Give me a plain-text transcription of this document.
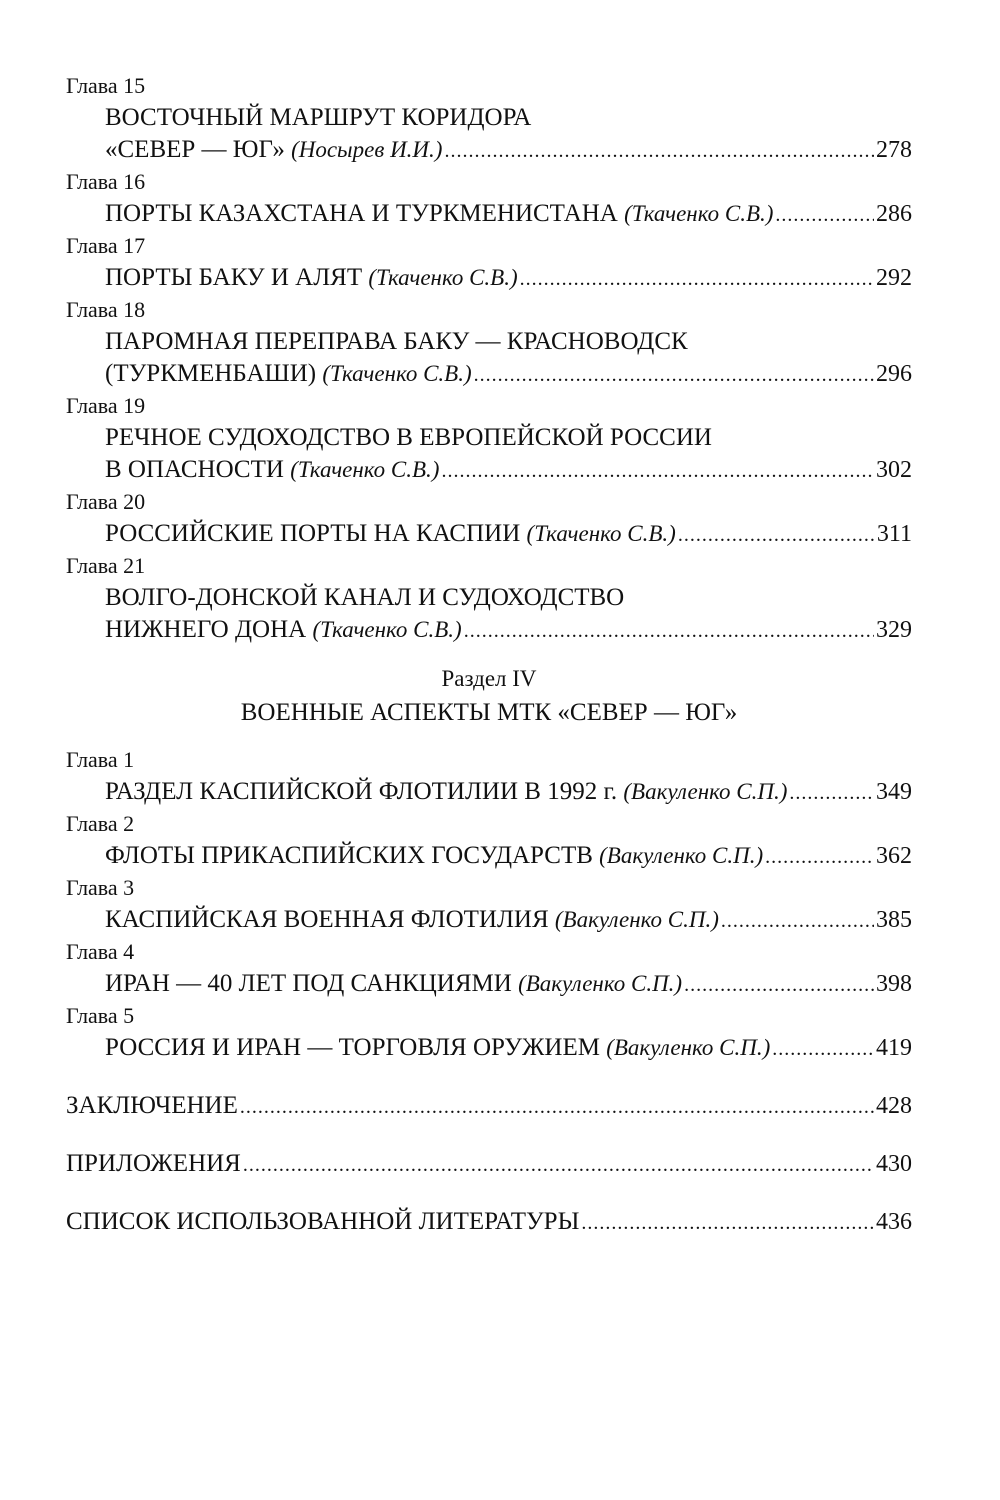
Глава 15
ВОСТОЧНЫЙ МАРШРУТ КОРИДОРА
«СЕВЕР — ЮГ» (Носырев И.И.) .....	278
Глава 16
ПОРТЫ КАЗАХСТАНА И ТУРКМЕНИСТАНА (Ткаченко С.В.) .....	286
Глава 17
ПОРТЫ БАКУ И АЛЯТ (Ткаченко С.В.) .....	292
Глава 18
ПАРОМНАЯ ПЕРЕПРАВА БАКУ — КРАСНОВОДСК
(ТУРКМЕНБАШИ) (Ткаченко С.В.) .....	296
Глава 19
РЕЧНОЕ СУДОХОДСТВО В ЕВРОПЕЙСКОЙ РОССИИ
В ОПАСНОСТИ (Ткаченко С.В.) .....	302
Глава 20
РОССИЙСКИЕ ПОРТЫ НА КАСПИИ (Ткаченко С.В.) .....	311
Глава 21
ВОЛГО-ДОНСКОЙ КАНАЛ И СУДОХОДСТВО
НИЖНЕГО ДОНА (Ткаченко С.В.) .....	329
Раздел IV
ВОЕННЫЕ АСПЕКТЫ МТК «СЕВЕР — ЮГ»
Глава 1
РАЗДЕЛ КАСПИЙСКОЙ ФЛОТИЛИИ В 1992 г. (Вакуленко С.П.) .....	349
Глава 2
ФЛОТЫ ПРИКАСПИЙСКИХ ГОСУДАРСТВ (Вакуленко С.П.) .....	362
Глава 3
КАСПИЙСКАЯ ВОЕННАЯ ФЛОТИЛИЯ (Вакуленко С.П.) .....	385
Глава 4
ИРАН — 40 ЛЕТ ПОД САНКЦИЯМИ (Вакуленко С.П.) .....	398
Глава 5
РОССИЯ И ИРАН — ТОРГОВЛЯ ОРУЖИЕМ (Вакуленко С.П.) .....	419
ЗАКЛЮЧЕНИЕ .....	428
ПРИЛОЖЕНИЯ .....	430
СПИСОК ИСПОЛЬЗОВАННОЙ ЛИТЕРАТУРЫ .....	436
